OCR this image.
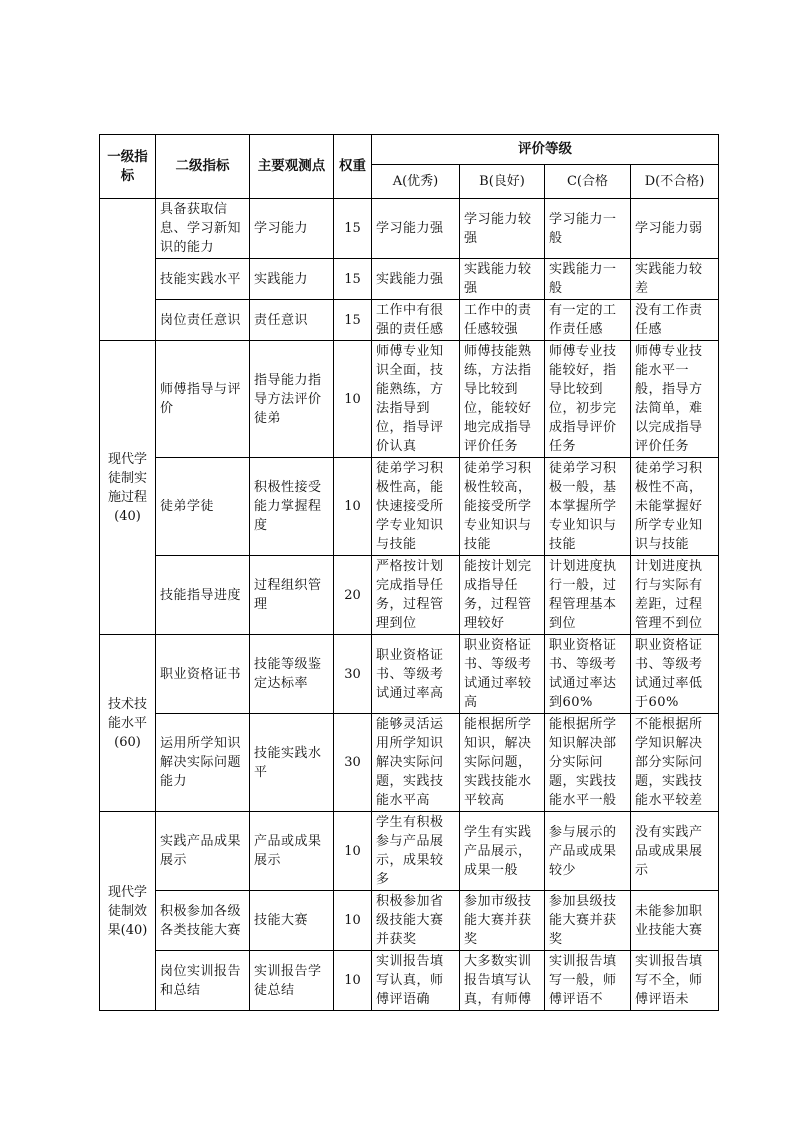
一级指标	二级指标	主要观测点	权重	评价等级			
				A(优秀)	B(良好)	C(合格	D(不合格)
	具备获取信息、学习新知识的能力	学习能力	15	学习能力强	学习能力较强	学习能力一般	学习能力弱
	技能实践水平	实践能力	15	实践能力强	实践能力较强	实践能力一般	实践能力较差
	岗位责任意识	责任意识	15	工作中有很强的责任感	工作中的责任感较强	有一定的工作责任感	没有工作责任感
现代学徒制实施过程(40)	师傅指导与评价	指导能力指导方法评价徒弟	10	师傅专业知识全面，技能熟练，方法指导到位，指导评价认真	师傅技能熟练，方法指导比较到位，能较好地完成指导评价任务	师傅专业技能较好，指导比较到位，初步完成指导评价任务	师傅专业技能水平一般，指导方法简单，难以完成指导评价任务
	徒弟学徒	积极性接受能力掌握程度	10	徒弟学习积极性高，能快速接受所学专业知识与技能	徒弟学习积极性较高，能接受所学专业知识与技能	徒弟学习积极一般，基本掌握所学专业知识与技能	徒弟学习积极性不高，未能掌握好所学专业知识与技能
	技能指导进度	过程组织管理	20	严格按计划完成指导任务，过程管理到位	能按计划完成指导任务，过程管理较好	计划进度执行一般，过程管理基本到位	计划进度执行与实际有差距，过程管理不到位
技术技能水平(60)	职业资格证书	技能等级鉴定达标率	30	职业资格证书、等级考试通过率高	职业资格证书、等级考试通过率较高	职业资格证书、等级考试通过率达到60%	职业资格证书、等级考试通过率低于60%
	运用所学知识解决实际问题能力	技能实践水平	30	能够灵活运用所学知识解决实际问题，实践技能水平高	能根据所学知识，解决实际问题，实践技能水平较高	能根据所学知识解决部分实际问题，实践技能水平一般	不能根据所学知识解决部分实际问题，实践技能水平较差
现代学徒制效果(40)	实践产品成果展示	产品或成果展示	10	学生有积极参与产品展示，成果较多	学生有实践产品展示，成果一般	参与展示的产品或成果较少	没有实践产品或成果展示
	积极参加各级各类技能大赛	技能大赛	10	积极参加省级技能大赛并获奖	参加市级技能大赛并获奖	参加县级技能大赛并获奖	未能参加职业技能大赛
	岗位实训报告和总结	实训报告学徒总结	10	实训报告填写认真，师傅评语确	大多数实训报告填写认真，有师傅	实训报告填写一般，师傅评语不	实训报告填写不全，师傅评语未
